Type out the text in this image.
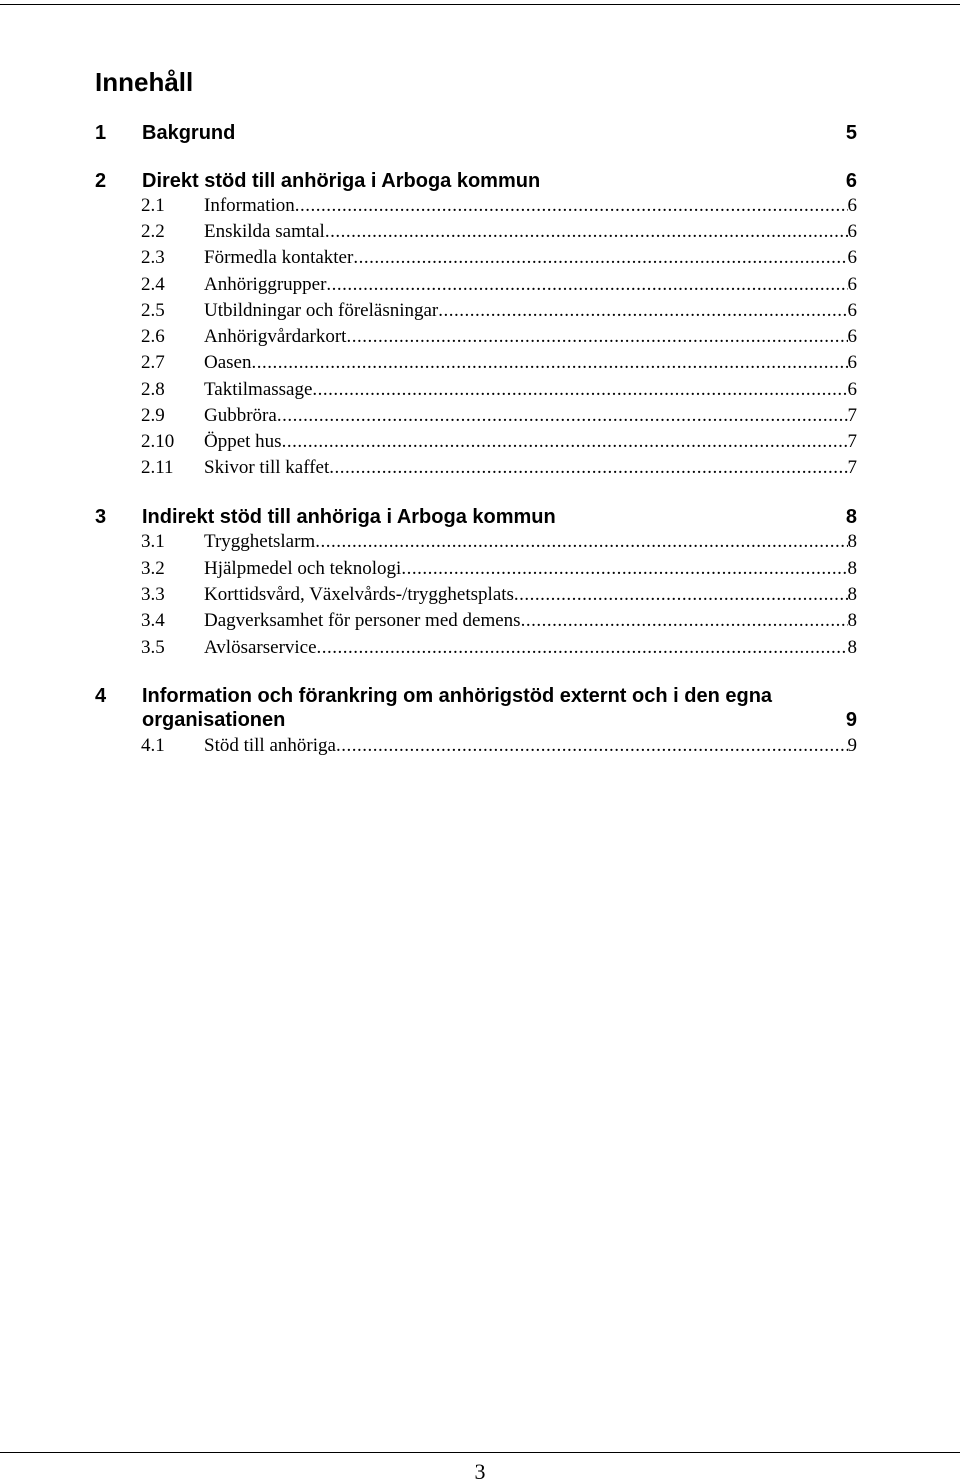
Innehåll
1 Bakgrund	5
2 Direkt stöd till anhöriga i Arboga kommun	6
2.1 Information .....	6
2.2 Enskilda samtal .....	6
2.3 Förmedla kontakter .....	6
2.4 Anhöriggrupper .....	6
2.5 Utbildningar och föreläsningar .....	6
2.6 Anhörigvårdarkort .....	6
2.7 Oasen .....	6
2.8 Taktilmassage .....	6
2.9 Gubbröra .....	7
2.10 Öppet hus .....	7
2.11 Skivor till kaffet .....	7
3 Indirekt stöd till anhöriga i Arboga kommun	8
3.1 Trygghetslarm .....	8
3.2 Hjälpmedel och teknologi .....	8
3.3 Korttidsvård, Växelvårds-/trygghetsplats .....	8
3.4 Dagverksamhet för personer med demens .....	8
3.5 Avlösarservice .....	8
4 Information och förankring om anhörigstöd externt och i den egna
organisationen	9
4.1 Stöd till anhöriga .....	9
3
